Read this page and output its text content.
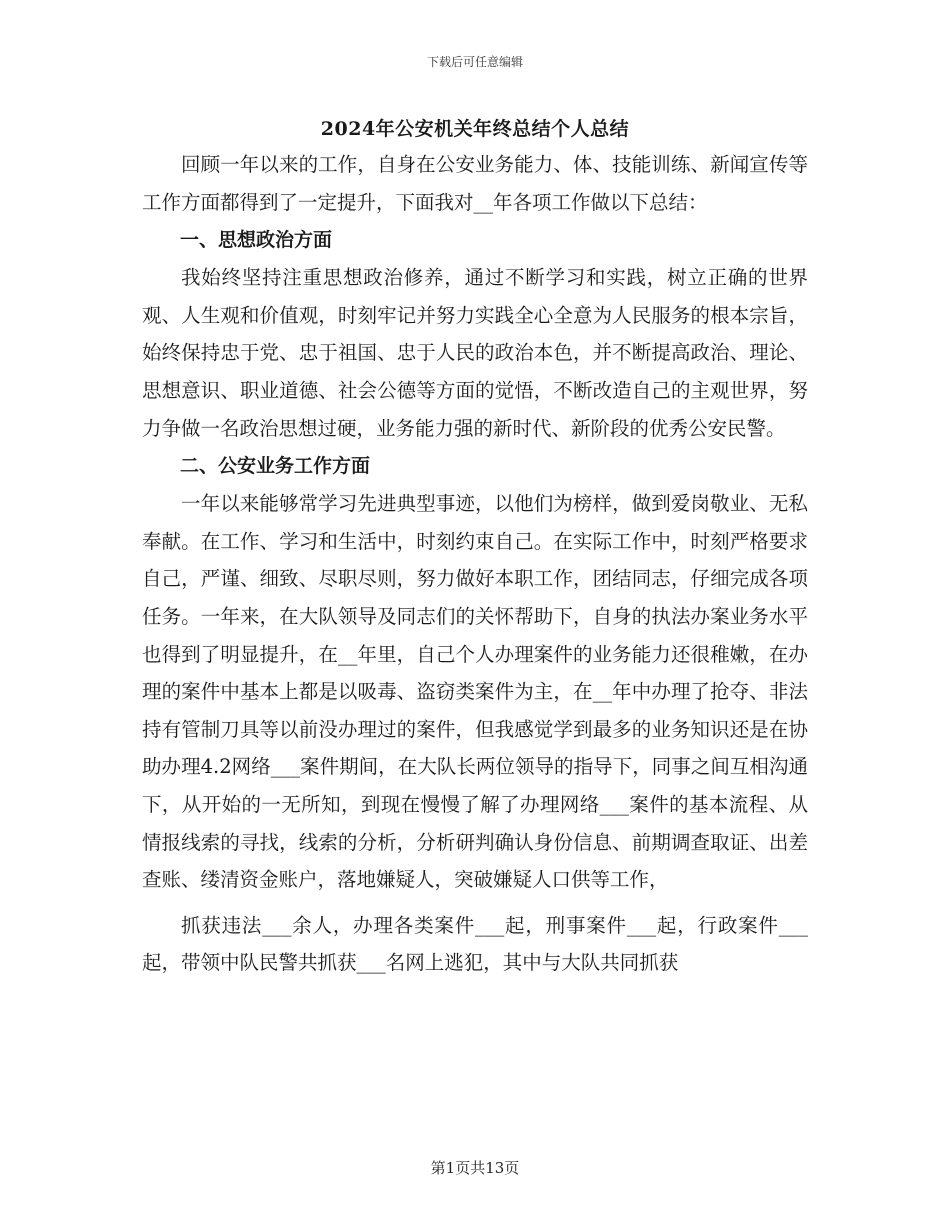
下载后可任意编辑
2024年公安机关年终总结个人总结

回顾一年以来的工作，自身在公安业务能力、体、技能训练、新闻宣传等工作方面都得到了一定提升，下面我对__年各项工作做以下总结：

一、思想政治方面

我始终坚持注重思想政治修养，通过不断学习和实践，树立正确的世界观、人生观和价值观，时刻牢记并努力实践全心全意为人民服务的根本宗旨，始终保持忠于党、忠于祖国、忠于人民的政治本色，并不断提高政治、理论、思想意识、职业道德、社会公德等方面的觉悟，不断改造自己的主观世界，努力争做一名政治思想过硬，业务能力强的新时代、新阶段的优秀公安民警。

二、公安业务工作方面

一年以来能够常学习先进典型事迹，以他们为榜样，做到爱岗敬业、无私奉献。在工作、学习和生活中，时刻约束自己。在实际工作中，时刻严格要求自己，严谨、细致、尽职尽则，努力做好本职工作，团结同志，仔细完成各项任务。一年来，在大队领导及同志们的关怀帮助下，自身的执法办案业务水平也得到了明显提升，在__年里，自己个人办理案件的业务能力还很稚嫩，在办理的案件中基本上都是以吸毒、盗窃类案件为主，在__年中办理了抢夺、非法持有管制刀具等以前没办理过的案件，但我感觉学到最多的业务知识还是在协助办理4.2网络___案件期间，在大队长两位领导的指导下，同事之间互相沟通下，从开始的一无所知，到现在慢慢了解了办理网络___案件的基本流程、从情报线索的寻找，线索的分析，分析研判确认身份信息、前期调查取证、出差查账、缕清资金账户，落地嫌疑人，突破嫌疑人口供等工作，

抓获违法___余人，办理各类案件___起，刑事案件___起，行政案件___起，带领中队民警共抓获___名网上逃犯，其中与大队共同抓获

第1页共13页
